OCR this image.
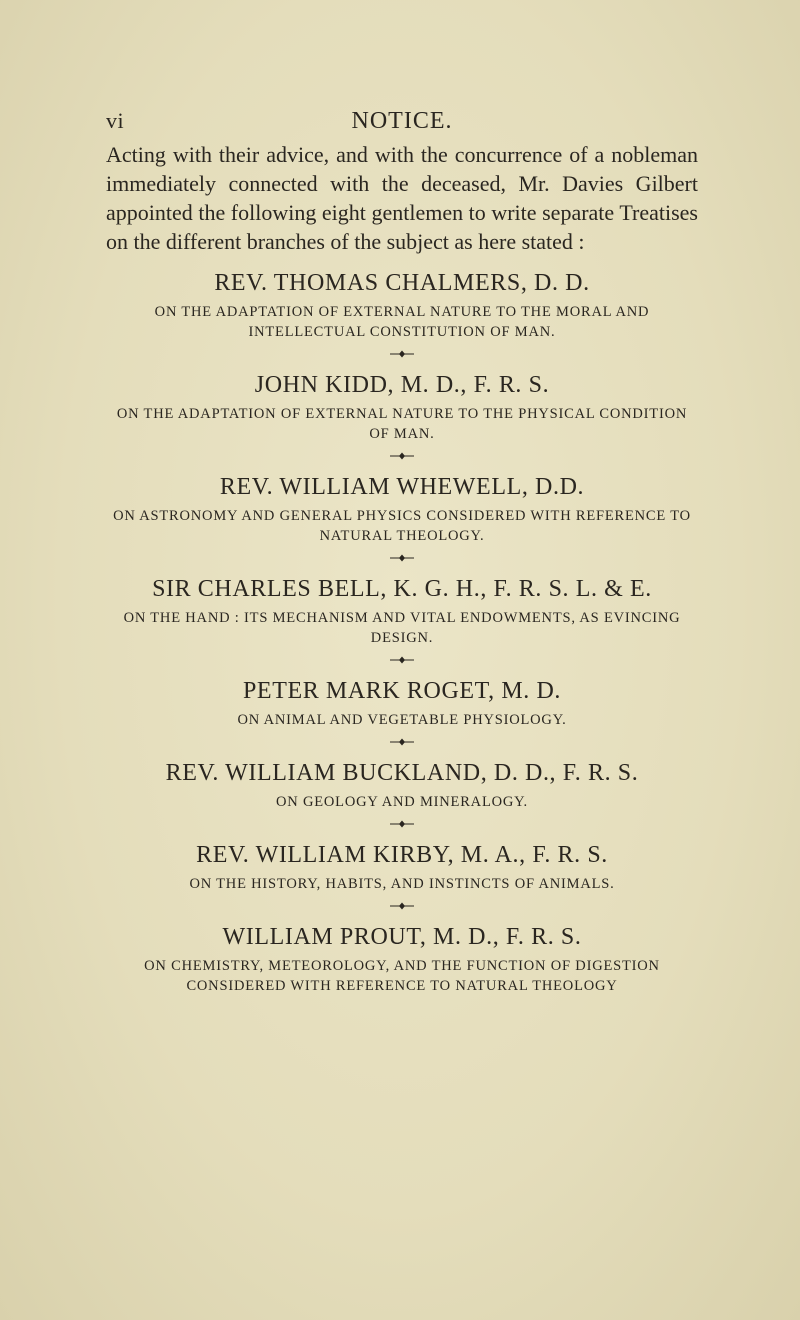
vi	NOTICE.

Acting with their advice, and with the concurrence of a nobleman immediately connected with the deceased, Mr. Davies Gilbert appointed the following eight gentlemen to write separate Treatises on the different branches of the subject as here stated :

REV. THOMAS CHALMERS, D. D.

ON THE ADAPTATION OF EXTERNAL NATURE TO THE MORAL AND INTELLECTUAL CONSTITUTION OF MAN.

JOHN KIDD, M. D., F. R. S.

ON THE ADAPTATION OF EXTERNAL NATURE TO THE PHYSICAL CONDITION OF MAN.

REV. WILLIAM WHEWELL, D.D.

ON ASTRONOMY AND GENERAL PHYSICS CONSIDERED WITH REFERENCE TO NATURAL THEOLOGY.

SIR CHARLES BELL, K. G. H., F. R. S. L. & E.

ON THE HAND : ITS MECHANISM AND VITAL ENDOWMENTS, AS EVINCING DESIGN.

PETER MARK ROGET, M. D.

ON ANIMAL AND VEGETABLE PHYSIOLOGY.

REV. WILLIAM BUCKLAND, D. D., F. R. S.

ON GEOLOGY AND MINERALOGY.

REV. WILLIAM KIRBY, M. A., F. R. S.

ON THE HISTORY, HABITS, AND INSTINCTS OF ANIMALS.

WILLIAM PROUT, M. D., F. R. S.

ON CHEMISTRY, METEOROLOGY, AND THE FUNCTION OF DIGESTION CONSIDERED WITH REFERENCE TO NATURAL THEOLOGY
